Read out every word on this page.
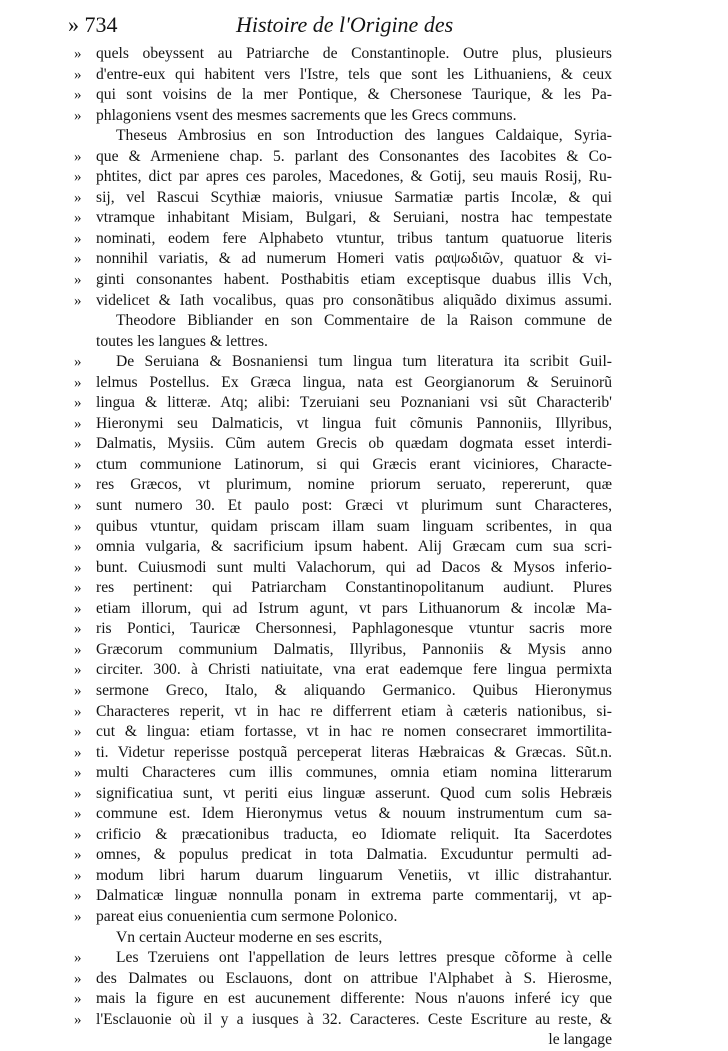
» 734	Histoire de l'Origine des
» quels obeyssent au Patriarche de Constantinople. Outre plus, plusieurs
» d'entre-eux qui habitent vers l'Istre, tels que sont les Lithuaniens, & ceux
» qui sont voisins de la mer Pontique, & Chersonese Taurique, & les Pa-
» phlagoniens vsent des mesmes sacrements que les Grecs communs.
Theseus Ambrosius en son Introduction des langues Caldaique, Syria-
» que & Armeniene chap. 5. parlant des Consonantes des Iacobites & Co-
» phtites, dict par apres ces paroles, Macedones, & Gotij, seu mauis Rosij, Ru-
» sij, vel Rascui Scythiæ maioris, vniusue Sarmatiæ partis Incolæ, & qui
» vtramque inhabitant Misiam, Bulgari, & Seruiani, nostra hac tempestate
» nominati, eodem fere Alphabeto vtuntur, tribus tantum quatuorue literis
» nonnihil variatis, & ad numerum Homeri vatis ραψωδιῶν, quatuor & vi-
» ginti consonantes habent. Posthabitis etiam exceptisque duabus illis Vch,
» videlicet & Iath vocalibus, quas pro consonãtibus aliquãdo diximus assumi.
Theodore Bibliander en son Commentaire de la Raison commune de
toutes les langues & lettres.
» De Seruiana & Bosnaniensi tum lingua tum literatura ita scribit Guil-
» lelmus Postellus. Ex Græca lingua, nata est Georgianorum & Seruinorũ
» lingua & litteræ. Atq; alibi: Tzeruiani seu Poznaniani vsi sũt Characterib'
» Hieronymi seu Dalmaticis, vt lingua fuit cõmunis Pannoniis, Illyribus,
» Dalmatis, Mysiis. Cũm autem Grecis ob quædam dogmata esset interdi-
» ctum communione Latinorum, si qui Græcis erant viciniores, Characte-
» res Græcos, vt plurimum, nomine priorum seruato, repererunt, quæ
» sunt numero 30. Et paulo post: Græci vt plurimum sunt Characteres,
» quibus vtuntur, quidam priscam illam suam linguam scribentes, in qua
» omnia vulgaria, & sacrificium ipsum habent. Alij Græcam cum sua scri-
» bunt. Cuiusmodi sunt multi Valachorum, qui ad Dacos & Mysos inferio-
» res pertinent: qui Patriarcham Constantinopolitanum audiunt. Plures
» etiam illorum, qui ad Istrum agunt, vt pars Lithuanorum & incolæ Ma-
» ris Pontici, Tauricæ Chersonnesi, Paphlagonesque vtuntur sacris more
» Græcorum communium Dalmatis, Illyribus, Pannoniis & Mysis anno
» circiter. 300. à Christi natiuitate, vna erat eademque fere lingua permixta
» sermone Greco, Italo, & aliquando Germanico. Quibus Hieronymus
» Characteres reperit, vt in hac re differrent etiam à cæteris nationibus, si-
» cut & lingua: etiam fortasse, vt in hac re nomen consecraret immortilita-
» ti. Videtur reperisse postquã perceperat literas Hæbraicas & Græcas. Sũt.n.
» multi Characteres cum illis communes, omnia etiam nomina litterarum
» significatiua sunt, vt periti eius linguæ asserunt. Quod cum solis Hebræis
» commune est. Idem Hieronymus vetus & nouum instrumentum cum sa-
» crificio & præcationibus traducta, eo Idiomate reliquit. Ita Sacerdotes
» omnes, & populus predicat in tota Dalmatia. Excuduntur permulti ad-
» modum libri harum duarum linguarum Venetiis, vt illic distrahantur.
» Dalmaticæ linguæ nonnulla ponam in extrema parte commentarij, vt ap-
» pareat eius conuenientia cum sermone Polonico.
Vn certain Aucteur moderne en ses escrits,
» Les Tzeruiens ont l'appellation de leurs lettres presque cõforme à celle
» des Dalmates ou Esclauons, dont on attribue l'Alphabet à S. Hierosme,
» mais la figure en est aucunement differente: Nous n'auons inferé icy que
» l'Esclauonie où il y a iusques à 32. Caracteres. Ceste Escriture au reste, &
le langage
